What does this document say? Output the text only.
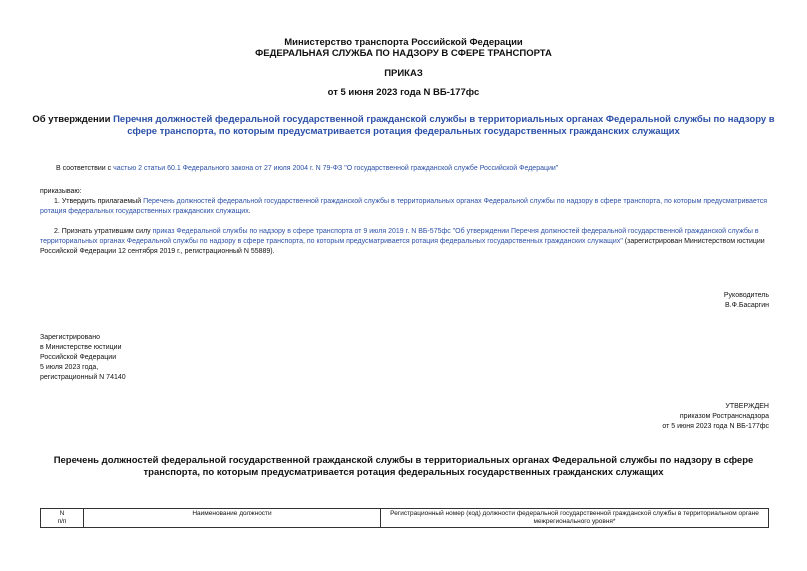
Министерство транспорта Российской Федерации
ФЕДЕРАЛЬНАЯ СЛУЖБА ПО НАДЗОРУ В СФЕРЕ ТРАНСПОРТА
ПРИКАЗ
от 5 июня 2023 года N ВБ-177фс
Об утверждении Перечня должностей федеральной государственной гражданской службы в территориальных органах Федеральной службы по надзору в сфере транспорта, по которым предусматривается ротация федеральных государственных гражданских служащих
В соответствии с частью 2 статьи 60.1 Федерального закона от 27 июля 2004 г. N 79-ФЗ "О государственной гражданской службе Российской Федерации"
приказываю:
1. Утвердить прилагаемый Перечень должностей федеральной государственной гражданской службы в территориальных органах Федеральной службы по надзору в сфере транспорта, по которым предусматривается ротация федеральных государственных гражданских служащих.
2. Признать утратившим силу приказ Федеральной службы по надзору в сфере транспорта от 9 июля 2019 г. N ВБ-575фс "Об утверждении Перечня должностей федеральной государственной гражданской службы в территориальных органах Федеральной службы по надзору в сфере транспорта, по которым предусматривается ротация федеральных государственных гражданских служащих" (зарегистрирован Министерством юстиции Российской Федерации 12 сентября 2019 г., регистрационный N 55889).
Руководитель
В.Ф.Басаргин
Зарегистрировано
в Министерстве юстиции
Российской Федерации
5 июля 2023 года,
регистрационный N 74140
УТВЕРЖДЕН
приказом Ространснадзора
от 5 июня 2023 года N ВБ-177фс
Перечень должностей федеральной государственной гражданской службы в территориальных органах Федеральной службы по надзору в сфере транспорта, по которым предусматривается ротация федеральных государственных гражданских служащих
N
п/п
	Наименование должности	Регистрационный номер (код) должности федеральной государственной гражданской службы в территориальном органе межрегионального уровня*
